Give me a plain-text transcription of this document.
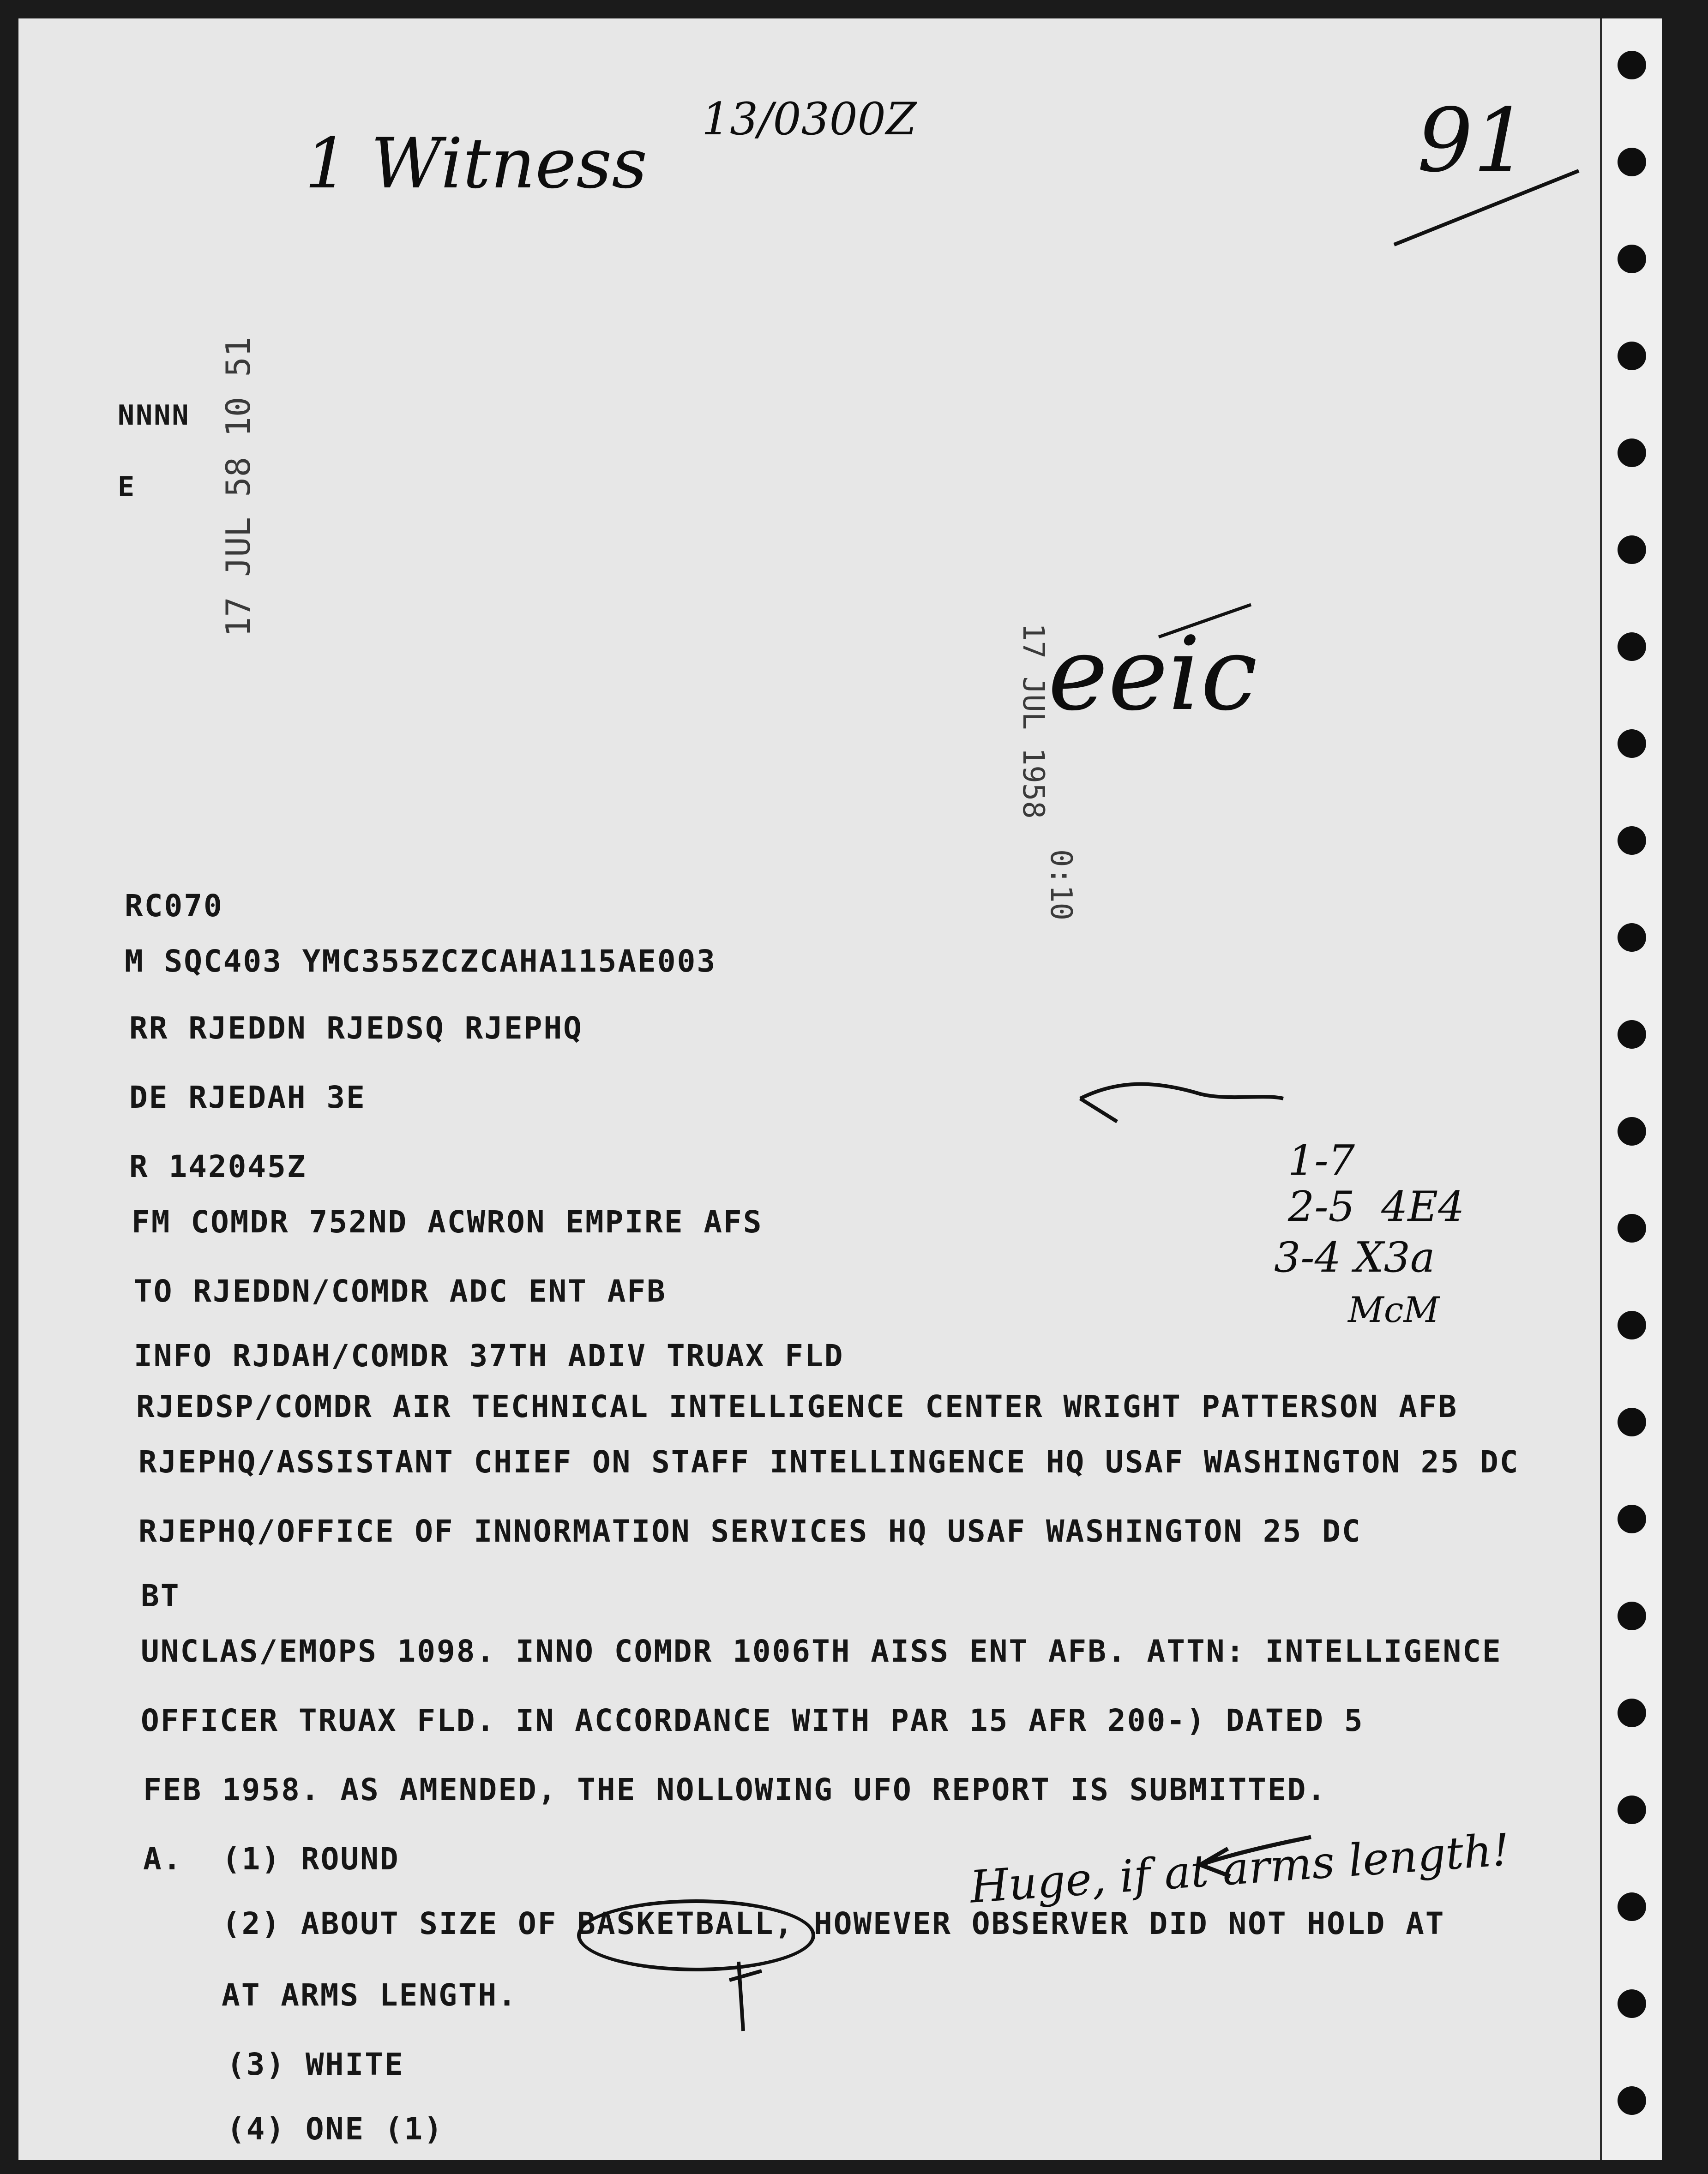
1 Witness
13/0300Z	91
NNNN
E 17 JUL 58 10 51
17 JUL 1958
0:10
eeic
RC070
M SQC403 YMC355ZCZCAHA115AE003
RR RJEDDN RJEDSQ RJEPHQ
DE RJEDAH 3E
R 142045Z
FM COMDR 752ND ACWRON EMPIRE AFS
TO RJEDDN/COMDR ADC ENT AFB
INFO RJDAH/COMDR 37TH ADIV TRUAX FLD
RJEDSP/COMDR AIR TECHNICAL INTELLIGENCE CENTER WRIGHT PATTERSON AFB
RJEPHQ/ASSISTANT CHIEF ON STAFF INTELLINGENCE HQ USAF WASHINGTON 25 DC
RJEPHQ/OFFICE OF INNORMATION SERVICES HQ USAF WASHINGTON 25 DC
BT
UNCLAS/EMOPS 1098. INNO COMDR 1006TH AISS ENT AFB. ATTN: INTELLIGENCE
OFFICER TRUAX FLD. IN ACCORDANCE WITH PAR 15 AFR 200-) DATED 5
FEB 1958. AS AMENDED, THE NOLLOWING UFO REPORT IS SUBMITTED.
A.  (1) ROUND
(2) ABOUT SIZE OF BASKETBALL, HOWEVER OBSERVER DID NOT HOLD AT
AT ARMS LENGTH.
(3) WHITE
(4) ONE (1)
1-7
2-5  4E4
3-4 X3a
McM
Huge, if at arms length!
